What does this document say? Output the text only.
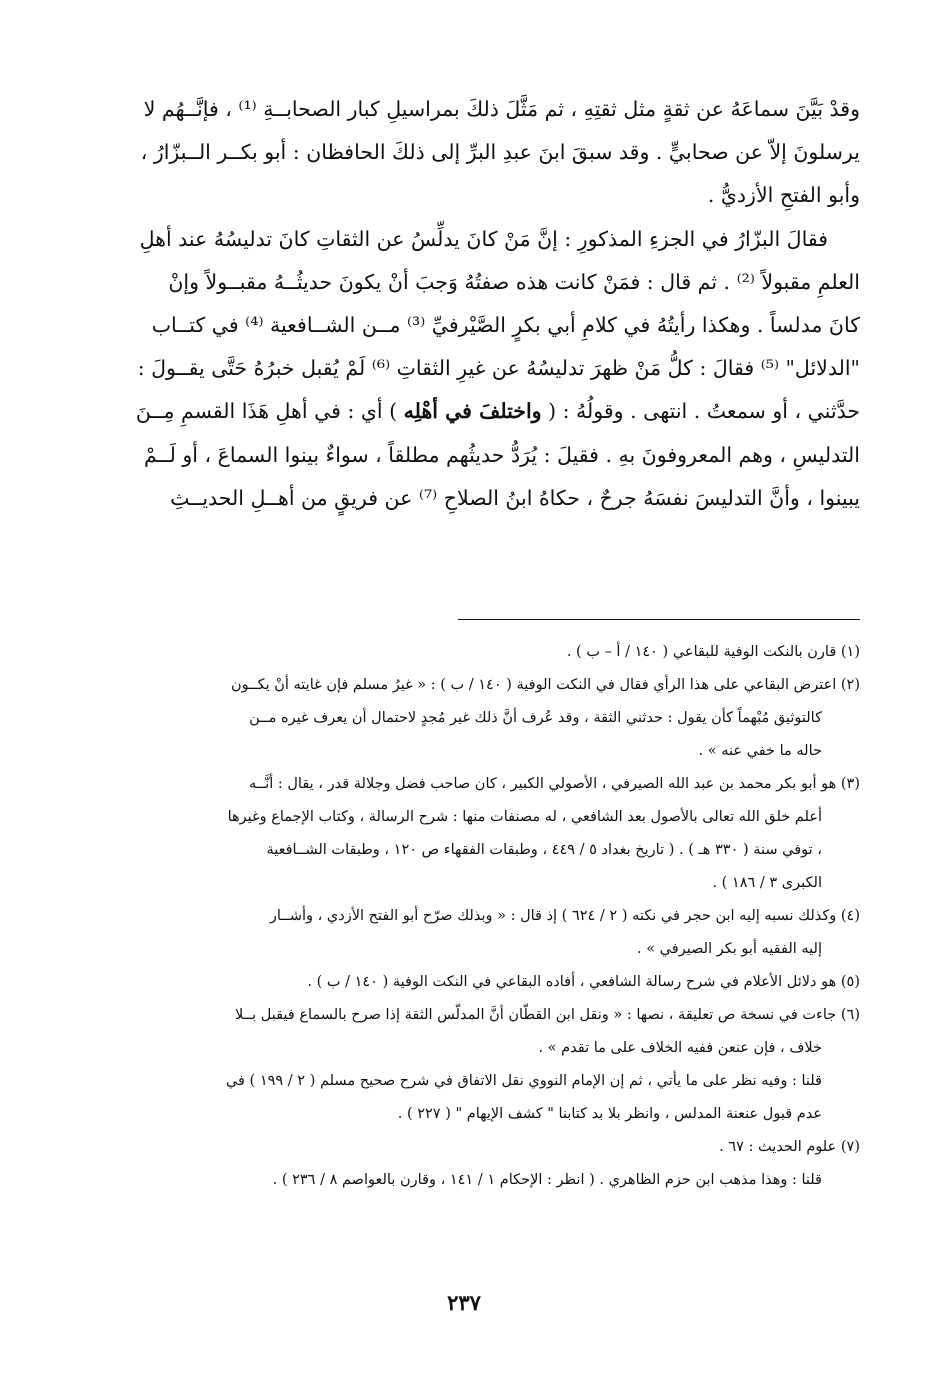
وقدْ بَيَّنَ سماعَهُ عن ثقةٍ مثل ثقتِهِ ، ثم مَثَّلَ ذلكَ بمراسيلِ كبار الصحابــةِ ⁽¹⁾ ، فإنَّــهُم لا

يرسلونَ إلاّ عن صحابيٍّ . وقد سبقَ ابنَ عبدِ البرِّ إلى ذلكَ الحافظان : أبو بكــر الــبزّارُ ،

وأبو الفتحِ الأزديُّ .

فقالَ البزّارُ في الجزءِ المذكورِ : إنَّ مَنْ كانَ يدلِّسُ عن الثقاتِ كانَ تدليسُهُ عند أهلِ

العلمِ مقبولاً ⁽²⁾ . ثم قال : فمَنْ كانت هذه صفتُهُ وَجبَ أنْ يكونَ حديثُــهُ مقبــولاً وإنْ

كانَ مدلساً . وهكذا رأيتُهُ في كلامِ أبي بكرٍ الصَّيْرفيِّ ⁽³⁾ مــن الشــافعية ⁽⁴⁾ في كتــاب

"الدلائل" ⁽⁵⁾ فقالَ : كلُّ مَنْ ظهرَ تدليسُهُ عن غيرِ الثقاتِ ⁽⁶⁾ لَمْ يُقبل خبرُهُ حَتَّى يقــولَ :

حدَّثني ، أو سمعتُ . انتهى . وقولُهُ : ( واختلفَ في أهْلِه ) أي : في أهلِ هَذَا القسمِ مِــنَ

التدليسِ ، وهم المعروفونَ بهِ . فقيلَ : يُرَدُّ حديثُهم مطلقاً ، سواءٌ بينوا السماعَ ، أو لَــمْ

يبينوا ، وأنَّ التدليسَ نفسَهُ جرحٌ ، حكاهُ ابنُ الصلاحِ ⁽⁷⁾ عن فريقٍ من أهــلِ الحديــثِ

(١) قارن بالنكت الوفية للبقاعي ( ١٤٠ / أ – ب ) .
(٢) اعترض البقاعي على هذا الرأي فقال في النكت الوفية ( ١٤٠ / ب ) : « غيرُ مسلم فإن غايته أنْ يكــون
كالتوثيق مُبْهماً كأن يقول : حدثني الثقة ، وقد عُرف أنَّ ذلك غير مُجدٍ لاحتمال أن يعرف غيره مــن
حاله ما خفي عنه » .
(٣) هو أبو بكر محمد بن عبد الله الصيرفي ، الأصولي الكبير ، كان صاحب فضل وجلالة قدر ، يقال : أنَّــه
أعلم خلق الله تعالى بالأصول بعد الشافعي ، له مصنفات منها : شرح الرسالة ، وكتاب الإجماع وغيرها
، توفي سنة ( ٣٣٠ هـ ) . ( تاريخ بغداد ٥ / ٤٤٩ ، وطبقات الفقهاء ص ١٢٠ ، وطبقات الشــافعية
الكبرى ٣ / ١٨٦ ) .
(٤) وكذلك نسبه إليه ابن حجر في نكته ( ٢ / ٦٢٤ ) إذ قال : « وبذلك صرّح أبو الفتح الأزدي ، وأشــار
إليه الفقيه أبو بكر الصيرفي » .
(٥) هو دلائل الأعلام في شرح رسالة الشافعي ، أفاده البقاعي في النكت الوفية ( ١٤٠ / ب ) .
(٦) جاءت في نسخة ص تعليقة ، نصها : « ونقل ابن القطّان أنَّ المدلّس الثقة إذا صرح بالسماع فيقبل بــلا
خلاف ، فإن عنعن ففيه الخلاف على ما تقدم » .
قلنا : وفيه نظر على ما يأتي ، ثم إن الإمام النووي نقل الاتفاق في شرح صحيح مسلم ( ٢ / ١٩٩ ) في
عدم قبول عنعنة المدلس ، وانظر بلا بد كتابنا " كشف الإيهام " ( ٢٢٧ ) .
(٧) علوم الحديث : ٦٧ .
قلنا : وهذا مذهب ابن حزم الظاهري . ( انظر : الإحكام ١ / ١٤١ ، وقارن بالعواصم ٨ / ٢٣٦ ) .
٢٣٧
